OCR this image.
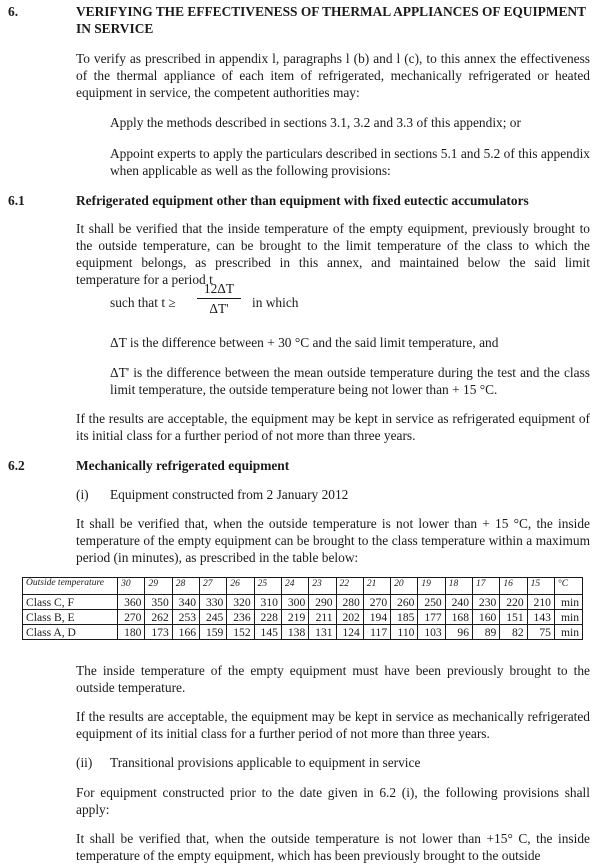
6.	VERIFYING THE EFFECTIVENESS OF THERMAL APPLIANCES OF EQUIPMENT
IN SERVICE
To verify as prescribed in appendix l, paragraphs l (b) and l (c), to this annex the effectiveness of the thermal appliance of each item of refrigerated, mechanically refrigerated or heated equipment in service, the competent authorities may:
Apply the methods described in sections 3.1, 3.2 and 3.3 of this appendix; or
Appoint experts to apply the particulars described in sections 5.1 and 5.2 of this appendix when applicable as well as the following provisions:
6.1	Refrigerated equipment other than equipment with fixed eutectic accumulators
It shall be verified that the inside temperature of the empty equipment, previously brought to the outside temperature, can be brought to the limit temperature of the class to which the equipment belongs, as prescribed in this annex, and maintained below the said limit temperature for a period t
such that $t \ge \frac{12\Delta T}{\Delta T'}$ in which
ΔT is the difference between + 30 °C and the said limit temperature, and
ΔT' is the difference between the mean outside temperature during the test and the class limit temperature, the outside temperature being not lower than + 15 °C.
If the results are acceptable, the equipment may be kept in service as refrigerated equipment of its initial class for a further period of not more than three years.
6.2	Mechanically refrigerated equipment
(i) Equipment constructed from 2 January 2012
It shall be verified that, when the outside temperature is not lower than + 15 °C, the inside temperature of the empty equipment can be brought to the class temperature within a maximum period (in minutes), as prescribed in the table below:
Outside temperature	30	29	28	27	26	25	24	23	22	21	20	19	18	17	16	15	°C
Class C, F	360	350	340	330	320	310	300	290	280	270	260	250	240	230	220	210	min
Class B, E	270	262	253	245	236	228	219	211	202	194	185	177	168	160	151	143	min
Class A, D	180	173	166	159	152	145	138	131	124	117	110	103	96	89	82	75	min
The inside temperature of the empty equipment must have been previously brought to the outside temperature.
If the results are acceptable, the equipment may be kept in service as mechanically refrigerated equipment of its initial class for a further period of not more than three years.
(ii) Transitional provisions applicable to equipment in service
For equipment constructed prior to the date given in 6.2 (i), the following provisions shall apply:
It shall be verified that, when the outside temperature is not lower than +15° C, the inside temperature of the empty equipment, which has been previously brought to the outside
